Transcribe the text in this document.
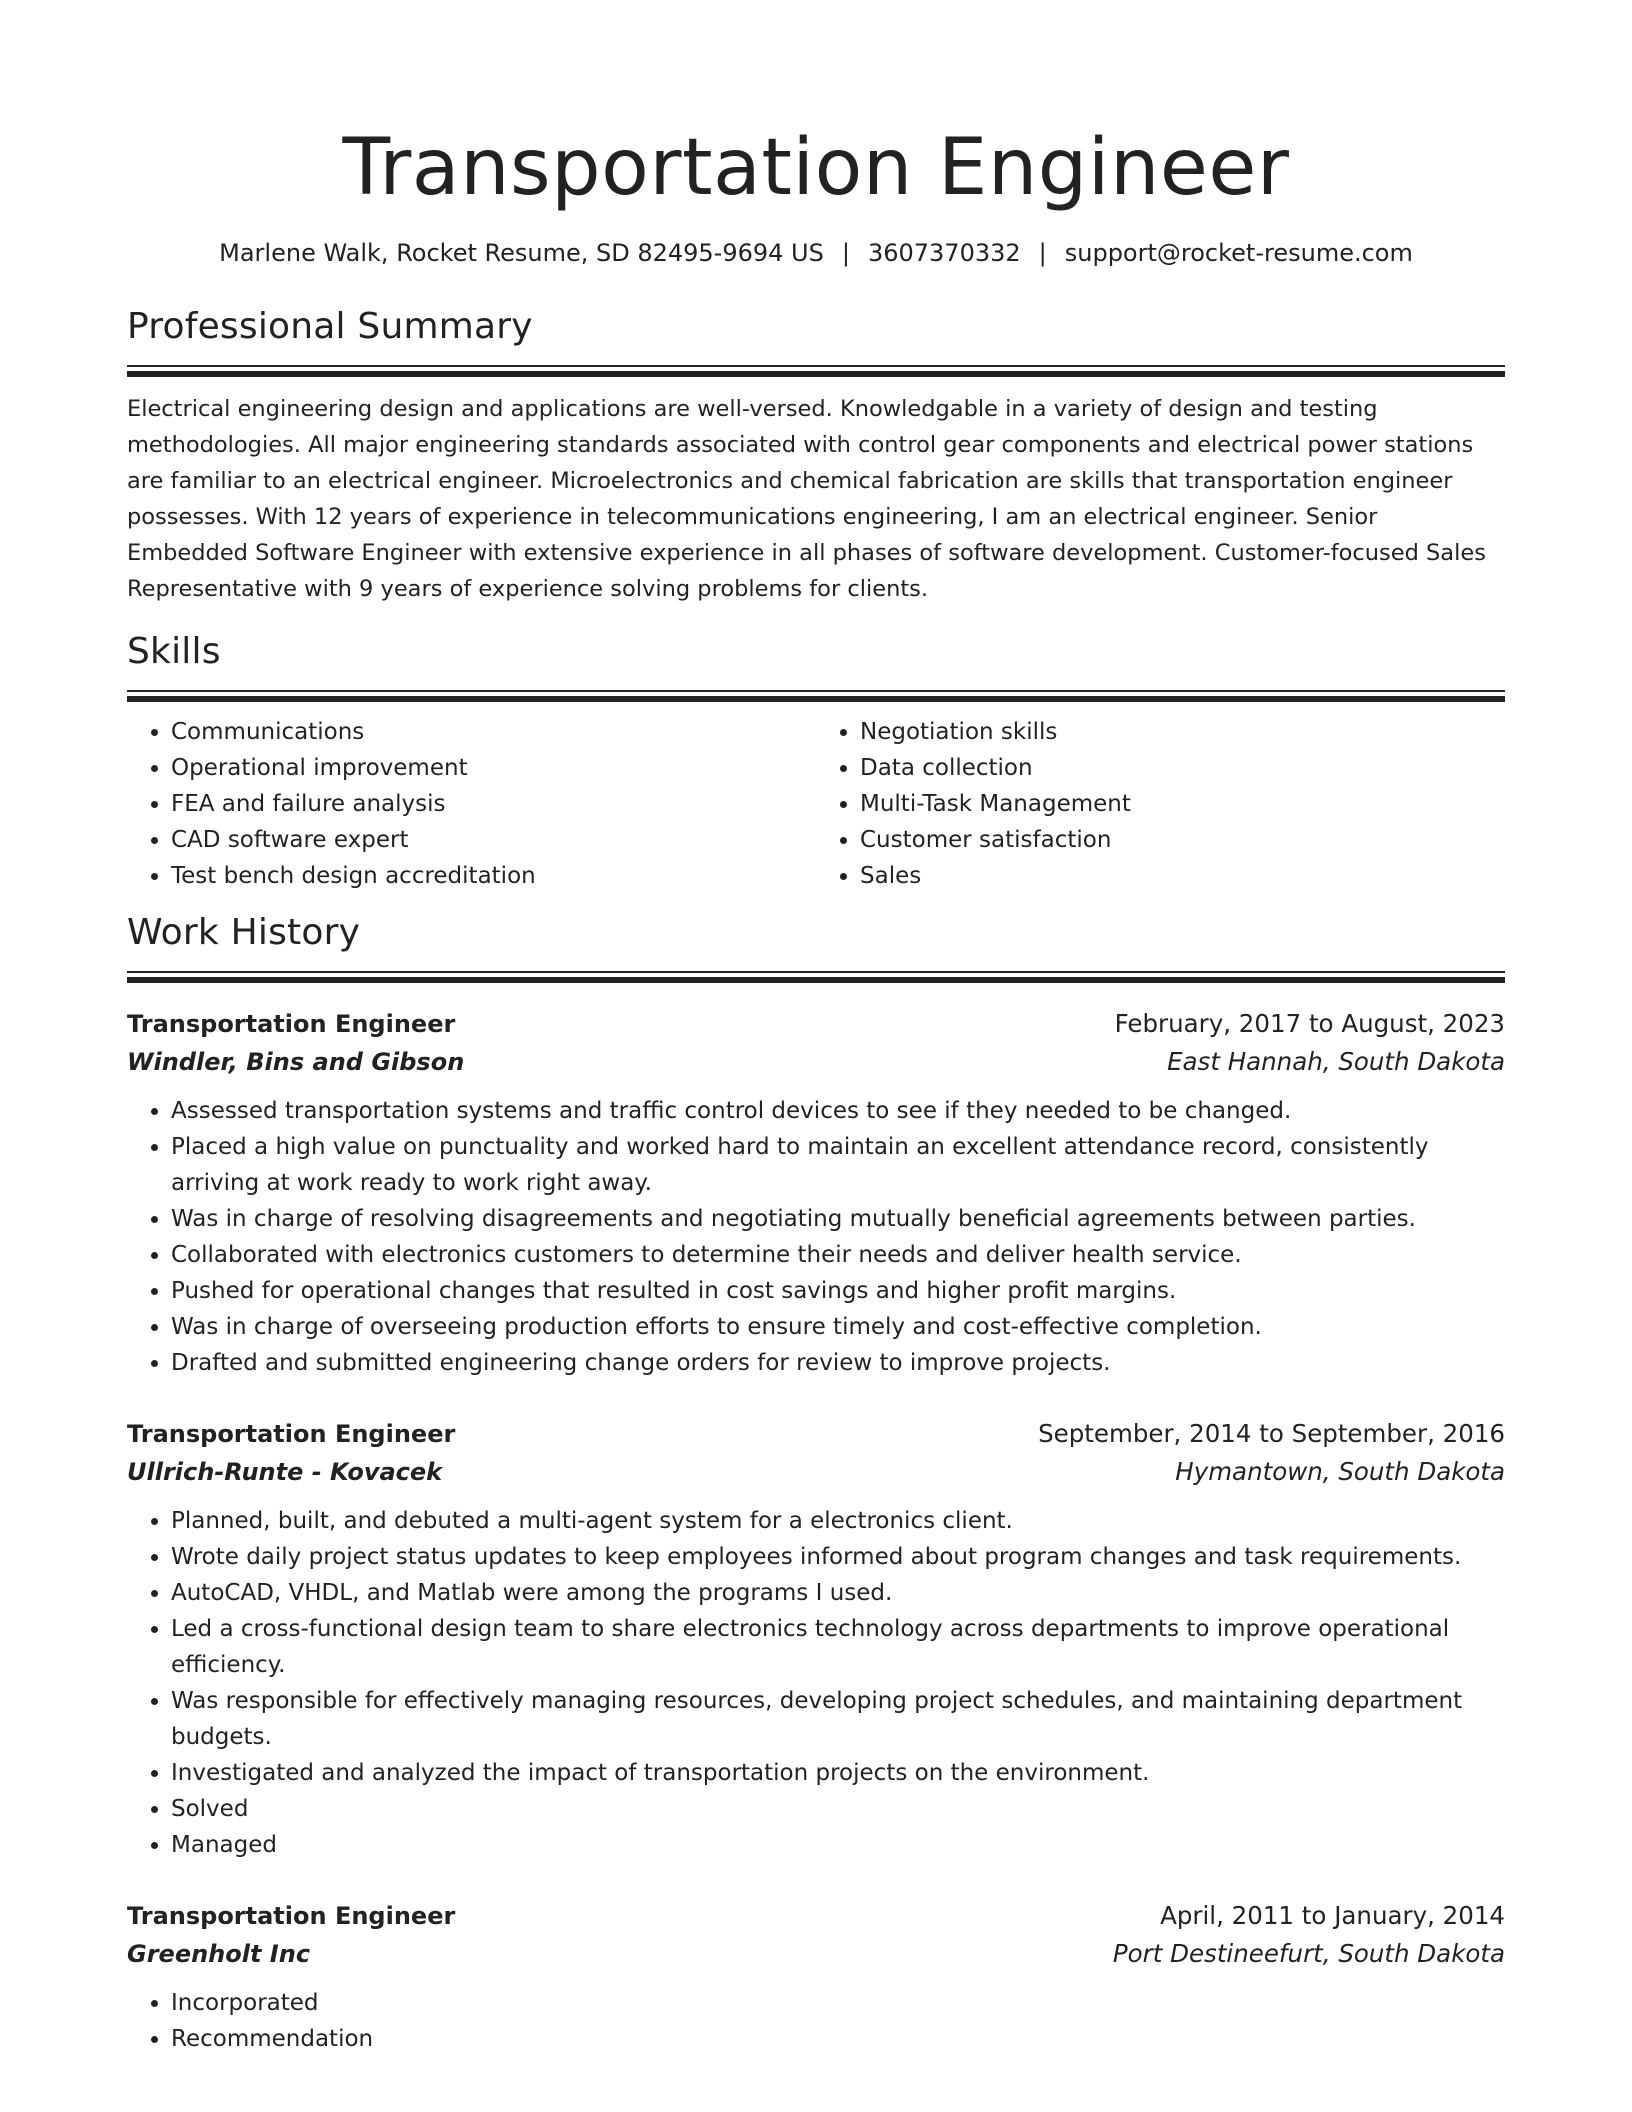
Transportation Engineer
Marlene Walk, Rocket Resume, SD 82495-9694 US | 3607370332 | support@rocket-resume.com
Professional Summary

Electrical engineering design and applications are well-versed. Knowledgable in a variety of design and testing methodologies. All major engineering standards associated with control gear components and electrical power stations are familiar to an electrical engineer. Microelectronics and chemical fabrication are skills that transportation engineer possesses. With 12 years of experience in telecommunications engineering, I am an electrical engineer. Senior Embedded Software Engineer with extensive experience in all phases of software development. Customer-focused Sales Representative with 9 years of experience solving problems for clients.

Skills
• Communications
• Operational improvement
• FEA and failure analysis
• CAD software expert
• Test bench design accreditation
• Negotiation skills
• Data collection
• Multi-Task Management
• Customer satisfaction
• Sales
Work History
Transportation Engineer	February, 2017 to August, 2023
Windler, Bins and Gibson	East Hannah, South Dakota
• Assessed transportation systems and traffic control devices to see if they needed to be changed.
• Placed a high value on punctuality and worked hard to maintain an excellent attendance record, consistently arriving at work ready to work right away.
• Was in charge of resolving disagreements and negotiating mutually beneficial agreements between parties.
• Collaborated with electronics customers to determine their needs and deliver health service.
• Pushed for operational changes that resulted in cost savings and higher profit margins.
• Was in charge of overseeing production efforts to ensure timely and cost-effective completion.
• Drafted and submitted engineering change orders for review to improve projects.
Transportation Engineer	September, 2014 to September, 2016
Ullrich-Runte - Kovacek	Hymantown, South Dakota
• Planned, built, and debuted a multi-agent system for a electronics client.
• Wrote daily project status updates to keep employees informed about program changes and task requirements.
• AutoCAD, VHDL, and Matlab were among the programs I used.
• Led a cross-functional design team to share electronics technology across departments to improve operational efficiency.
• Was responsible for effectively managing resources, developing project schedules, and maintaining department budgets.
• Investigated and analyzed the impact of transportation projects on the environment.
• Solved
• Managed
Transportation Engineer	April, 2011 to January, 2014
Greenholt Inc	Port Destineefurt, South Dakota
• Incorporated
• Recommendation
